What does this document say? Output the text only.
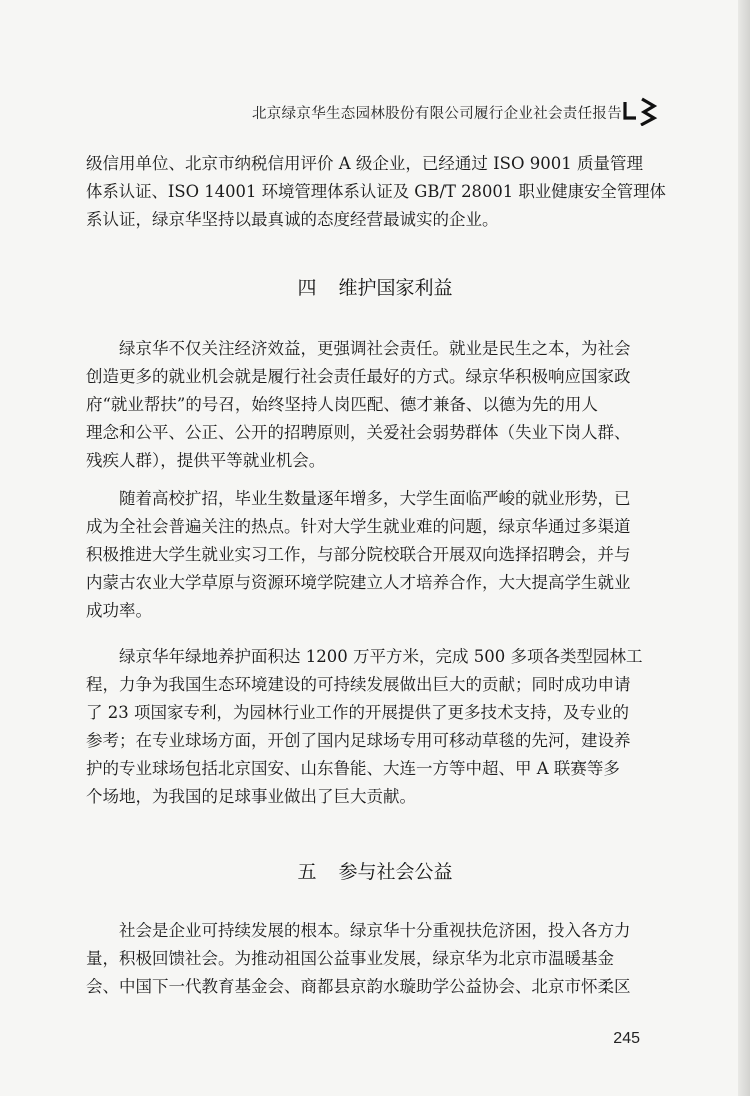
北京绿京华生态园林股份有限公司履行企业社会责任报告

级信用单位、北京市纳税信用评价 A 级企业，已经通过 ISO 9001 质量管理
体系认证、ISO 14001 环境管理体系认证及 GB/T 28001 职业健康安全管理体
系认证，绿京华坚持以最真诚的态度经营最诚实的企业。

四 维护国家利益

　　绿京华不仅关注经济效益，更强调社会责任。就业是民生之本，为社会
创造更多的就业机会就是履行社会责任最好的方式。绿京华积极响应国家政
府“就业帮扶”的号召，始终坚持人岗匹配、德才兼备、以德为先的用人
理念和公平、公正、公开的招聘原则，关爱社会弱势群体（失业下岗人群、
残疾人群），提供平等就业机会。

　　随着高校扩招，毕业生数量逐年增多，大学生面临严峻的就业形势，已
成为全社会普遍关注的热点。针对大学生就业难的问题，绿京华通过多渠道
积极推进大学生就业实习工作，与部分院校联合开展双向选择招聘会，并与
内蒙古农业大学草原与资源环境学院建立人才培养合作，大大提高学生就业
成功率。

　　绿京华年绿地养护面积达 1200 万平方米，完成 500 多项各类型园林工
程，力争为我国生态环境建设的可持续发展做出巨大的贡献；同时成功申请
了 23 项国家专利，为园林行业工作的开展提供了更多技术支持，及专业的
参考；在专业球场方面，开创了国内足球场专用可移动草毯的先河，建设养
护的专业球场包括北京国安、山东鲁能、大连一方等中超、甲 A 联赛等多
个场地，为我国的足球事业做出了巨大贡献。

五 参与社会公益

　　社会是企业可持续发展的根本。绿京华十分重视扶危济困，投入各方力
量，积极回馈社会。为推动祖国公益事业发展，绿京华为北京市温暖基金
会、中国下一代教育基金会、商都县京韵水璇助学公益协会、北京市怀柔区

245
